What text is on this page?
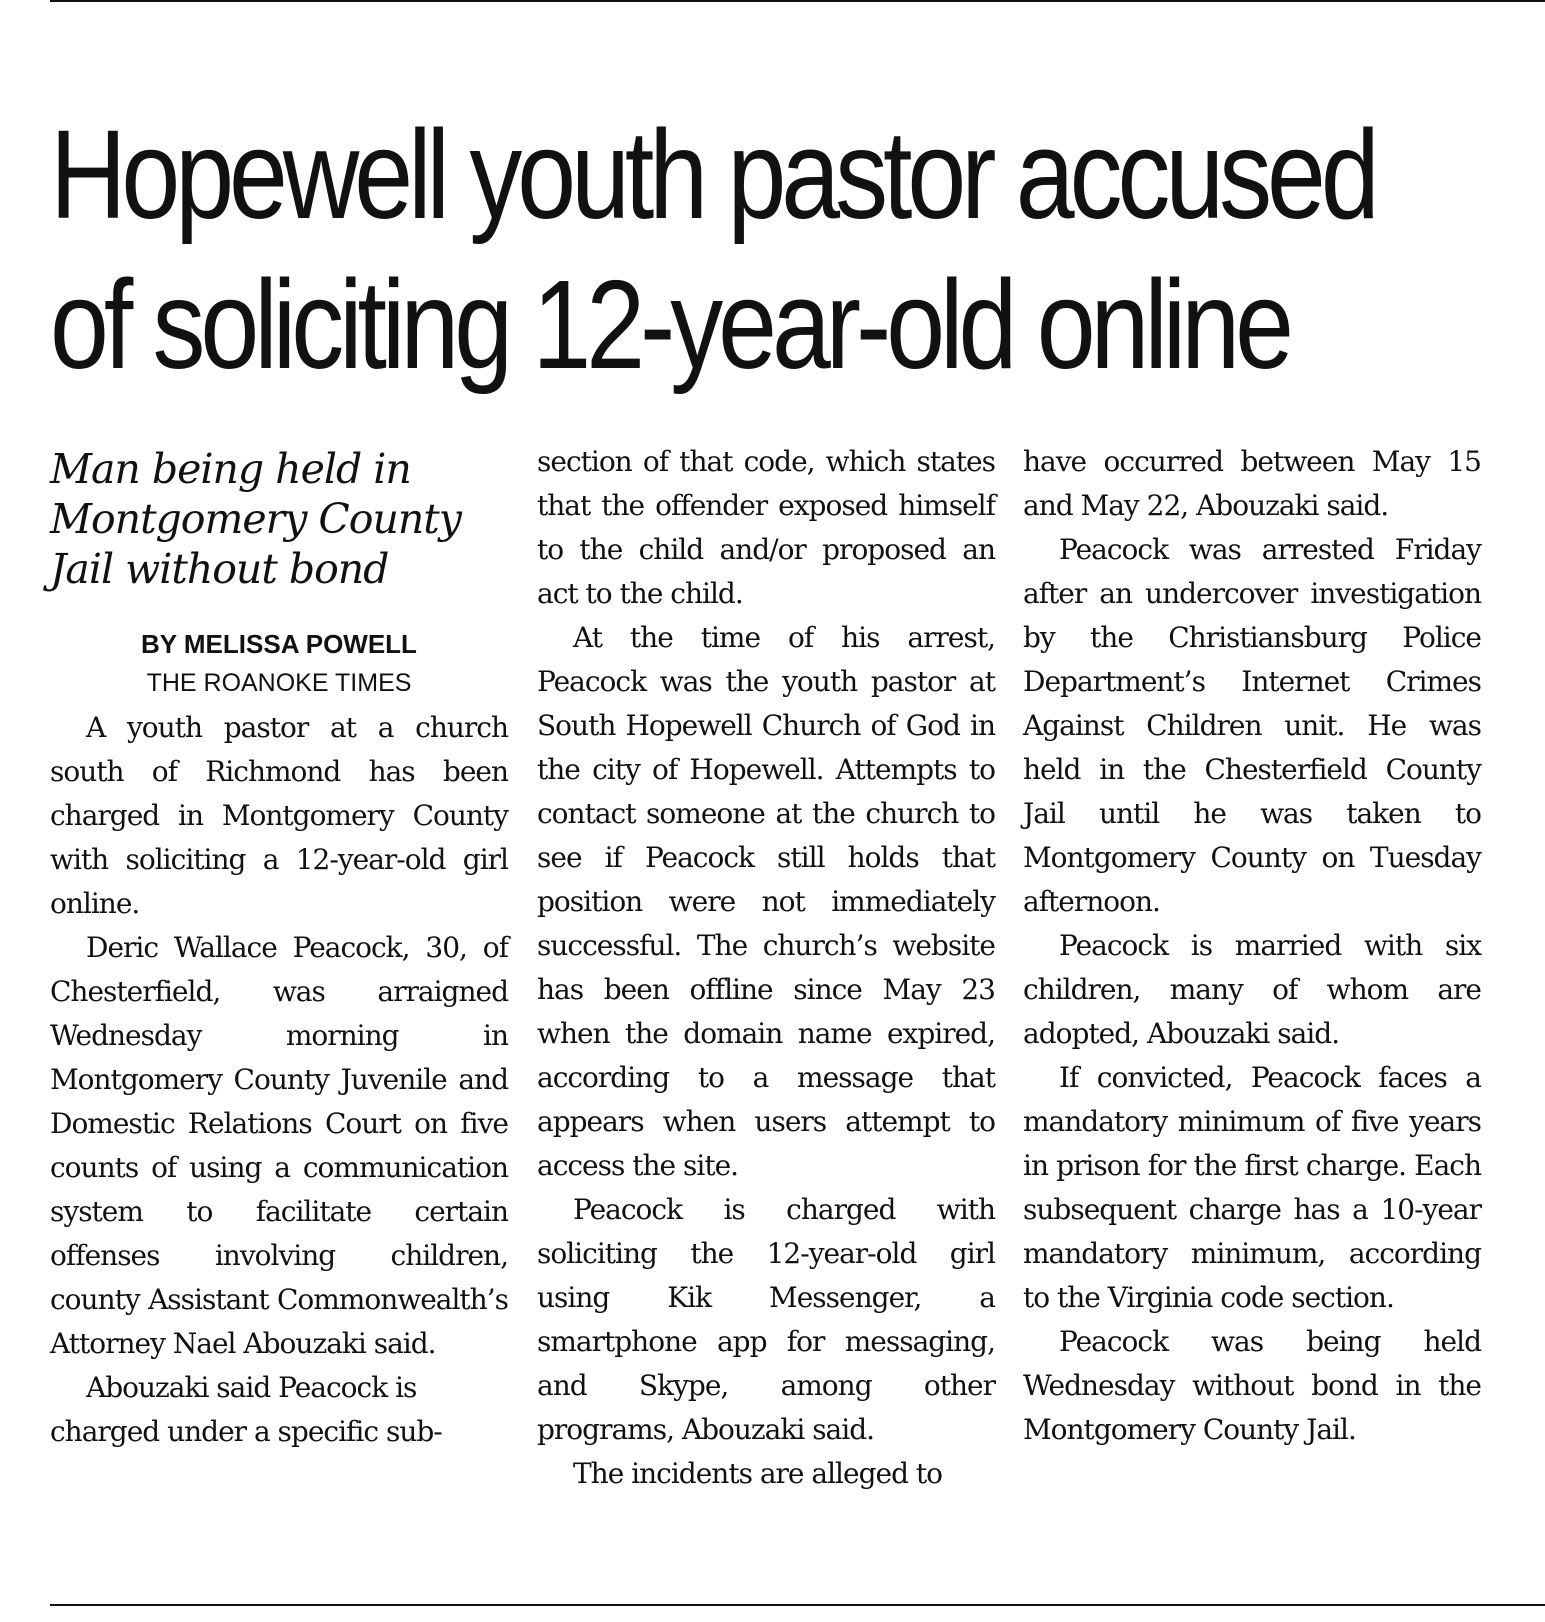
Hopewell youth pastor accused
of soliciting 12-year-old online
Man being held in
Montgomery County
Jail without bond

BY MELISSA POWELL

THE ROANOKE TIMES

A youth pastor at a church south of Richmond has been charged in Montgomery County with soliciting a 12-year-old girl online.

Deric Wallace Peacock, 30, of Chesterfield, was arraigned Wednesday morning in Montgomery County Juvenile and Domestic Relations Court on five counts of using a communication system to facilitate certain offenses involving children, county Assistant Commonwealth’s Attorney Nael Abouzaki said.

Abouzaki said Peacock is charged under a specific sub-

section of that code, which states that the offender exposed himself to the child and/or proposed an act to the child.

At the time of his arrest, Peacock was the youth pastor at South Hopewell Church of God in the city of Hopewell. Attempts to contact someone at the church to see if Peacock still holds that position were not immediately successful. The church’s website has been offline since May 23 when the domain name expired, according to a message that appears when users attempt to access the site.

Peacock is charged with soliciting the 12-year-old girl using Kik Messenger, a smartphone app for messaging, and Skype, among other programs, Abouzaki said.

The incidents are alleged to

have occurred between May 15 and May 22, Abouzaki said.

Peacock was arrested Friday after an undercover investigation by the Christiansburg Police Department’s Internet Crimes Against Children unit. He was held in the Chesterfield County Jail until he was taken to Montgomery County on Tuesday afternoon.

Peacock is married with six children, many of whom are adopted, Abouzaki said.

If convicted, Peacock faces a mandatory minimum of five years in prison for the first charge. Each subsequent charge has a 10-year mandatory minimum, according to the Virginia code section.

Peacock was being held Wednesday without bond in the Montgomery County Jail.
